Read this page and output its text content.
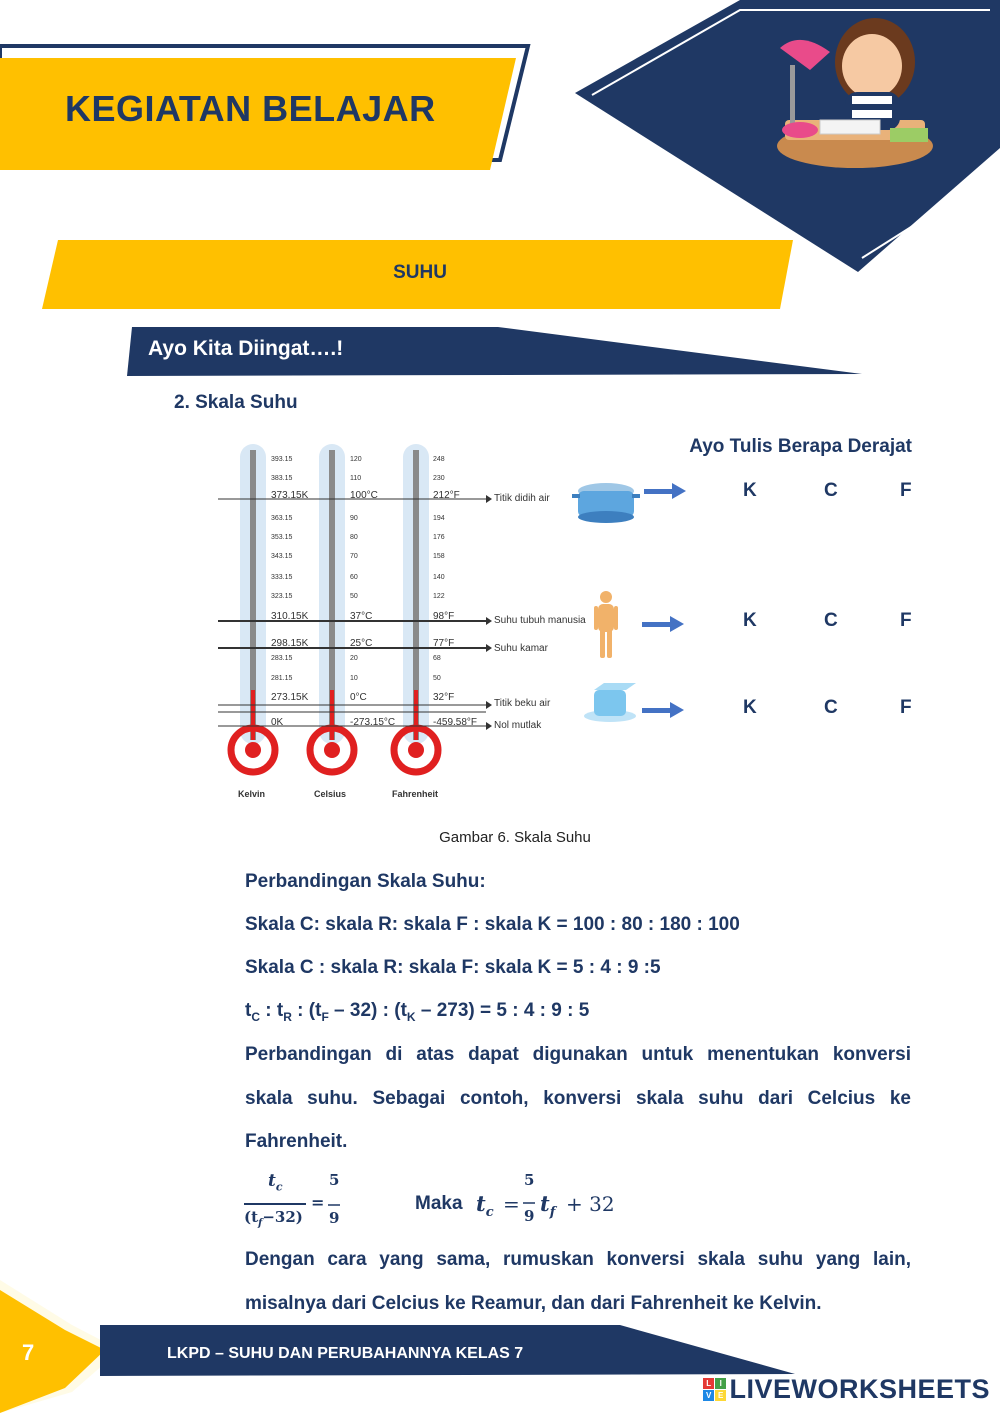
KEGIATAN BELAJAR
SUHU
Ayo Kita Diingat….!
2. Skala Suhu
393.15
383.15
373.15K
363.15
353.15
343.15
333.15
323.15
310.15K
298.15K
283.15
281.15
273.15K
0K
120
110
100°C
90
80
70
60
50
37°C
25°C
20
10
0°C
-273.15°C
248
230
212°F
194
176
158
140
122
98°F
77°F
68
50
32°F
-459.58°F
Kelvin	Celsius	Fahrenheit
Titik didih air
Suhu tubuh manusia
Suhu kamar
Titik beku air
Nol mutlak
Ayo Tulis Berapa Derajat
K	C	F
K	C	F
K	C	F
Gambar 6. Skala Suhu
Perbandingan Skala Suhu:
Skala C: skala R: skala F : skala K = 100 : 80 : 180 : 100
Skala C : skala R: skala F: skala K = 5 : 4 : 9 :5
$t_C$ : $t_R$ : $(t_F - 32)$ : $(t_K - 273) = 5$ : 4 : 9 : 5
Perbandingan di atas dapat digunakan untuk menentukan konversi
skala suhu. Sebagai contoh, konversi skala suhu dari Celcius ke
Fahrenheit.
$t_c$
$(t_f-32)$
=
5
9
Maka $t_c$ =
5
9 $t_f + 32$
Dengan cara yang sama, rumuskan konversi skala suhu yang lain,
misalnya dari Celcius ke Reamur, dan dari Fahrenheit ke Kelvin.
7	LKPD – SUHU DAN PERUBAHANNYA KELAS 7
L I
V E LIVEWORKSHEETS
